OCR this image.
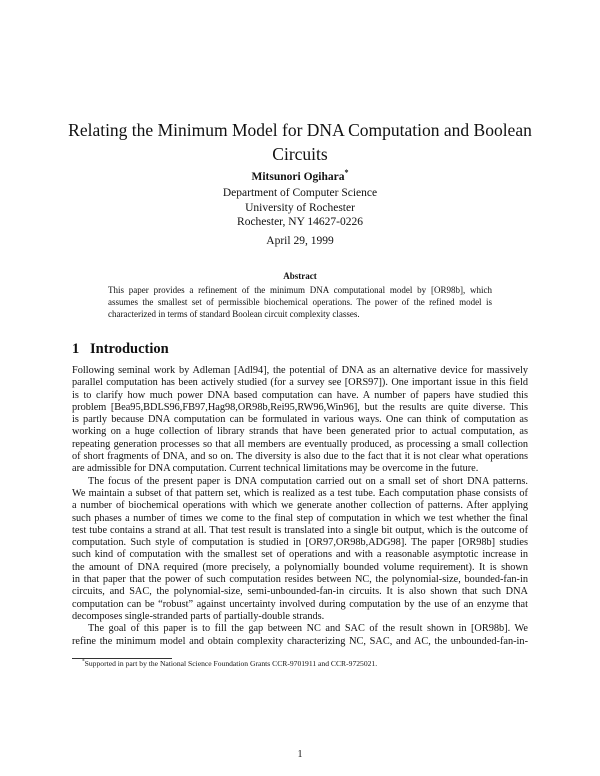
Relating the Minimum Model for DNA Computation and Boolean
Circuits
Mitsunori Ogihara*
Department of Computer Science
University of Rochester
Rochester, NY 14627-0226
April 29, 1999
Abstract
This paper provides a refinement of the minimum DNA computational model by [OR98b], which
assumes the smallest set of permissible biochemical operations. The power of the refined model is
characterized in terms of standard Boolean circuit complexity classes.
1 Introduction
Following seminal work by Adleman [Adl94], the potential of DNA as an alternative device for massively
parallel computation has been actively studied (for a survey see [ORS97]). One important issue in this field
is to clarify how much power DNA based computation can have. A number of papers have studied this
problem [Bea95,BDLS96,FB97,Hag98,OR98b,Rei95,RW96,Win96], but the results are quite diverse. This
is partly because DNA computation can be formulated in various ways. One can think of computation as
working on a huge collection of library strands that have been generated prior to actual computation, as
repeating generation processes so that all members are eventually produced, as processing a small collection
of short fragments of DNA, and so on. The diversity is also due to the fact that it is not clear what operations
are admissible for DNA computation. Current technical limitations may be overcome in the future.
The focus of the present paper is DNA computation carried out on a small set of short DNA patterns.
We maintain a subset of that pattern set, which is realized as a test tube. Each computation phase consists of
a number of biochemical operations with which we generate another collection of patterns. After applying
such phases a number of times we come to the final step of computation in which we test whether the final
test tube contains a strand at all. That test result is translated into a single bit output, which is the outcome of
computation. Such style of computation is studied in [OR97,OR98b,ADG98]. The paper [OR98b] studies
such kind of computation with the smallest set of operations and with a reasonable asymptotic increase in
the amount of DNA required (more precisely, a polynomially bounded volume requirement). It is shown
in that paper that the power of such computation resides between NC, the polynomial-size, bounded-fan-in
circuits, and SAC, the polynomial-size, semi-unbounded-fan-in circuits. It is also shown that such DNA
computation can be “robust” against uncertainty involved during computation by the use of an enzyme that
decomposes single-stranded parts of partially-double strands.
The goal of this paper is to fill the gap between NC and SAC of the result shown in [OR98b]. We
refine the minimum model and obtain complexity characterizing NC, SAC, and AC, the unbounded-fan-in-
*Supported in part by the National Science Foundation Grants CCR-9701911 and CCR-9725021.
1
